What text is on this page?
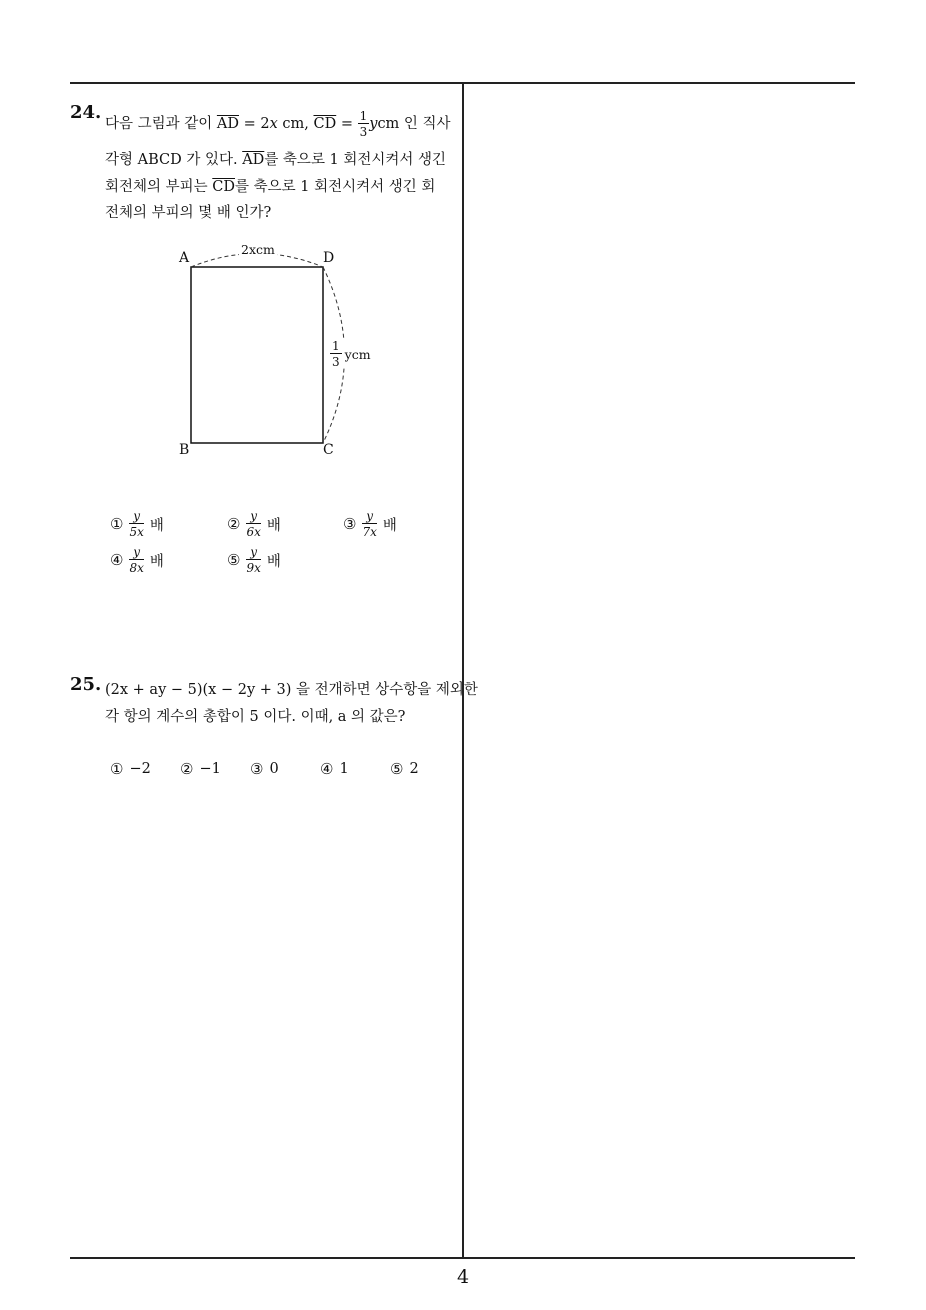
24.
다음 그림과 같이 $\overline{AD} = 2x$ cm, $\overline{CD} = \frac{1}{3}$ ycm 인 직사
각형 ABCD 가 있다. $\overline{AD}$를 축으로 1 회전시켜서 생긴
회전체의 부피는 $\overline{CD}$를 축으로 1 회전시켜서 생긴 회
전체의 부피의 몇 배 인가?
A	D
B	C
2xcm
$\frac{1}{3}$ ycm
① $\frac{y}{5x}$ 배	② $\frac{y}{6x}$ 배	③ $\frac{y}{7x}$ 배
④ $\frac{y}{8x}$ 배	⑤ $\frac{y}{9x}$ 배
25. (2x + ay − 5)(x − 2y + 3) 을 전개하면 상수항을 제외한
각 항의 계수의 총합이 5 이다. 이때, a 의 값은?
① −2 ② −1 ③ 0	④ 1	⑤ 2
4
